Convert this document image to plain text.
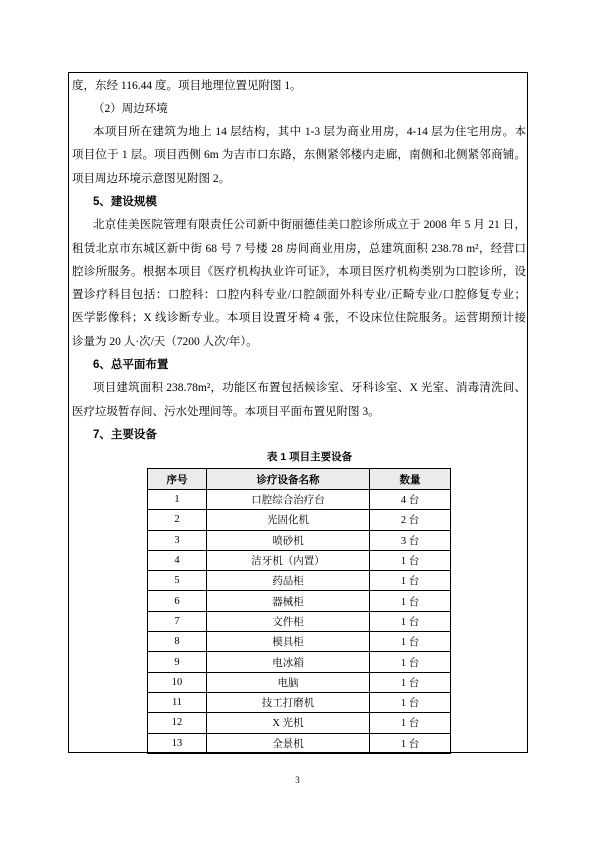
度，东经 116.44 度。项目地理位置见附图 1。
（2）周边环境
本项目所在建筑为地上 14 层结构，其中 1-3 层为商业用房，4-14 层为住宅用房。本
项目位于 1 层。项目西侧 6m 为吉市口东路，东侧紧邻楼内走廊，南侧和北侧紧邻商铺。
项目周边环境示意图见附图 2。
5、建设规模
北京佳美医院管理有限责任公司新中街丽德佳美口腔诊所成立于 2008 年 5 月 21 日，
租赁北京市东城区新中街 68 号 7 号楼 28 房间商业用房，总建筑面积 238.78 m²，经营口
腔诊所服务。根据本项目《医疗机构执业许可证》，本项目医疗机构类别为口腔诊所，设
置诊疗科目包括：口腔科：口腔内科专业/口腔颌面外科专业/正畸专业/口腔修复专业；
医学影像科；X 线诊断专业。本项目设置牙椅 4 张，不设床位住院服务。运营期预计接
诊量为 20 人·次/天（7200 人次/年）。
6、总平面布置
项目建筑面积 238.78m²，功能区布置包括候诊室、牙科诊室、X 光室、消毒清洗间、
医疗垃圾暂存间、污水处理间等。本项目平面布置见附图 3。
7、主要设备
表 1 项目主要设备
序号	诊疗设备名称	数量
1	口腔综合治疗台	4 台
2	光固化机	2 台
3	喷砂机	3 台
4	洁牙机（内置）	1 台
5	药品柜	1 台
6	器械柜	1 台
7	文件柜	1 台
8	模具柜	1 台
9	电冰箱	1 台
10	电脑	1 台
11	技工打磨机	1 台
12	X 光机	1 台
13	全景机	1 台
3
